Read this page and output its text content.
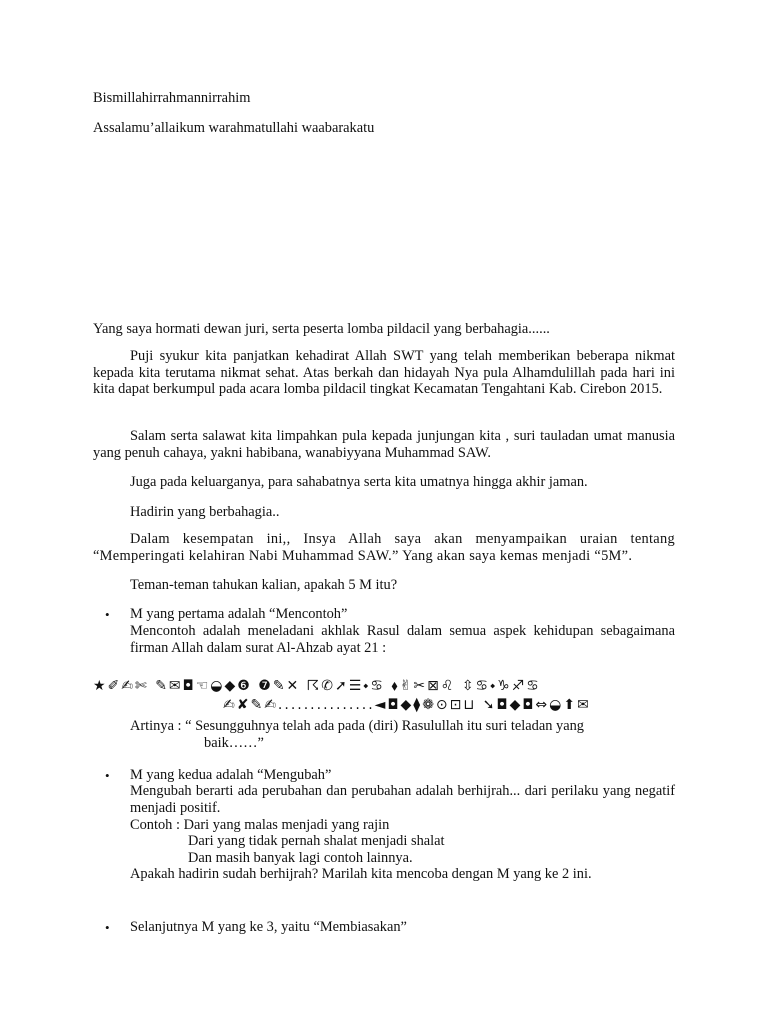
Bismillahirrahmannirrahim

Assalamu’allaikum warahmatullahi waabarakatu

Yang saya hormati dewan juri, serta peserta lomba pildacil yang berbahagia......

Puji syukur kita panjatkan kehadirat Allah SWT yang telah memberikan beberapa nikmat kepada kita terutama nikmat sehat. Atas berkah dan hidayah Nya pula Alhamdulillah pada hari ini kita dapat berkumpul pada acara lomba pildacil tingkat Kecamatan Tengahtani Kab. Cirebon 2015.

Salam serta salawat kita limpahkan pula kepada junjungan kita , suri tauladan umat manusia yang penuh cahaya, yakni habibana, wanabiyyana Muhammad SAW.

Juga pada keluarganya, para sahabatnya serta kita umatnya hingga akhir jaman.

Hadirin yang berbahagia..

Dalam kesempatan ini,, Insya Allah saya akan menyampaikan uraian tentang “Memperingati kelahiran Nabi Muhammad SAW.” Yang akan saya kemas menjadi “5M”.

Teman-teman tahukan kalian, apakah 5 M itu?

• M yang pertama adalah “Mencontoh”

Mencontoh adalah meneladani akhlak Rasul dalam semua aspek kehidupan sebagaimana firman Allah dalam surat Al-Ahzab ayat 21 :

★✐✍✄ ✎✉◘☜◒◆❻ ❼✎✕ ☈✆➚☰⬩♋ ⬧✌✂⊠♌ ⇳♋⬩♑♐♋
✍✘✎✍...............◄◘◆⧫❁⊙⊡⊔ ➘◘◆◘⇔◒⬆✉

Artinya : “ Sesungguhnya telah ada pada (diri) Rasulullah itu suri teladan yang

baik……”

• M yang kedua adalah “Mengubah”

Mengubah berarti ada perubahan dan perubahan adalah berhijrah... dari perilaku yang negatif menjadi positif.

Contoh : Dari yang malas menjadi yang rajin

Dari yang tidak pernah shalat menjadi shalat

Dan masih banyak lagi contoh lainnya.

Apakah hadirin sudah berhijrah? Marilah kita mencoba dengan M yang ke 2 ini.

• Selanjutnya M yang ke 3, yaitu “Membiasakan”
